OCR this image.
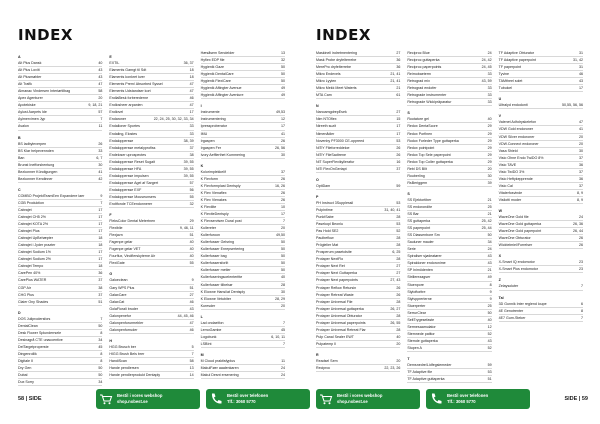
INDEX
A
Alt Plus Dansk	40
Alt Plus Loviit	43
Alt Plusmøbler	43
Alt Trafik	47
Almanac Vindersen Interiørtilbag	58
Apex Agenturer	20
Apotekiske	9, 18, 21
Aylust Aarpets Ide	57
Aylmervimen Jyp	7
Avalon	11
B
BS ladbyleverpen	26
BS Klar helpevennden	33
Ban	6, 7
Brunst Inefforshentung	30
Bezkonner Kündigungen	41
Bezkonner Kendinner	42
C
COMBO ProjektTeamEen Expandere laer	9
CGB Produktion	7
Cabrajet	17
Cabrajet CH5 2%	17
Cabrajet KOTA 2%	17
Cabrajet Plus	17
Cabrajet UpBehæpter	18
Cabrajet i Jyder prazter	18
Cabrajet Sodium 1%	17
Cabrajet Sodium 2%	17
Cabrajet Tempo	18
CarePen 40%	36
CarePlus WATER	37
CGP Air	38
CHG Plus	37
Claier Ony Shades	51
D
DOS Juliprodersfors	7
DentalClean	50
Desk Flower Splunderrsele	8
Desinagrå CTE unaccentive	34
DelTargetproperste	45
Dingenrollik	8
Digitale II	8
Dry Gen	50
Dubal	50
Dux Sorry	34
E
EXTIL	36, 37
Elaments Garngt til Sdt	18
Elaments konkret kver	18
Elements Prem/ Absorbed Syssel	47
Elements Udstandser kort	47
EndlaBesk forberederne	46
Endlosheer arpanien	47
Endlovel	17
Endaroner	22, 24, 25, 30, 32, 33, 34
Endalloner Sportes	33
Endaling, Elostes	33
Endaloppersse	38, 39
Endaloppersse metalyprofiss	37
Endeloser uprospectes	38
Endaloppersse Reset Sugait	39, 55
Endaloppersse HFA	39, 55
Endaloppersse impulsen	39, 55
Endaloppersse Agel af Sargert	57
Endaloppersse EXF	56
Endaloppersse Mouseunsers	55
Endtfonde TCEendonnerer	32
F
FleksColor Dental Metertnen	29
Flexiblie	9, 46, 11
Flexjavn	51
Fagenpe gelar	40
Fogenpe gelar VET	40
Fourflux, Vindflerskyterne Air	40
FlexiGate	55
G
Galoeclean	9
Gary WPS Plus	51
GalaxCare	27
GalaxCat	46
GolaFlorali bruder	43
Galonpenefor	44, 45, 46
Galonpenforurmebler	47
Galonpenforruder	46
H
HGG Brusch ber	5
HIGG Brush Bels brer	7
HandiScan	58
Hande pendlersen	13
Hande pendlerprodukt Dentaply	14
Hæsåsem Sendelder	13
Hyflex EDP file	32
Hygienik Gaze	50
Hygienik DentalCare	50
Hygienik FlexiCare	50
Hygienik Aftingter Avenue	49
Hygienik Affingter Aveniure	49
I
Instrumente	49,53
Instrumentering	12
Ipressproberator	17
IMU	41
Irgaspen	26
Irgaspen Fer	26, 56
Ivory Aefflerthet Kummering	30
K
Kolorimplekkelif	37
K Flexform	26
K Flexformplast Dentsply	16, 26
K Flex Vienaflex	26
K Flex Vienakes	26
K Flexilite	10
K FlexiteDentsply	17
K Flexservisen Dural post	7
Kullereter	20
Kullerfuroon	49,50
Kullerfusser Gelsring	50
Kullerfusser Enrepsertering	50
Kullerfusser bag	50
Kullerfussersforlit	50
Kullerfusser metler	50
Kullerfuseringsoelenteritte	40
Kullerfusser tilbehør	28
K Elowne Hansi/at Dentsply	30
K Elowne Vetubiter	28, 29
Kuresder	20
L
Lad ondaelfon	7
LemoGambe	45
Logobunk	6, 10, 11
LSBInt	7
M
M Cloud praktisfyplus	11
MakulFøer aaalenkaren	24
Makul Desnt ersenering	24
Bestil i vores webshop
shop.nobest.se
Bestil over telefonen
Tlf.: 3060 5770
58 | SIDE
INDEX
Maskinell indretmentering	27
Mask Probe dryfelterrebe	36
MerePro dryfelterrebe	36
Mikro Endevels	21, 41
Mikro Lyyten	21, 41
Mikro Mekk Meet Waterts	21
MTA Cam	61
N
NanoamgdrepEsek	27
Nim NTOflex	15
Nireeth suzit	17
Nimenådier	17
Novenby PF3000 CE-oppreed	53
NiTiY Fileforreddeloe	26
NiTiY FileSadtrene	26
NiT SuperFlexikyllerafur	16
NiTi FlexOnGeriapt	37
O
OptiDam	59
P
PH Instruct 3Supplessil	53
Pulpintime	31, 40, 41
PunktSabe	28
Pasekopl Beonlu	53
Pas Hold SE2	52
Paulbeflow	28
Pröglelier Mat	28
Prosperum pasetolsite	6, 25
Protaper NextFlo	28
Protaper Next Ret	27
Protaper Next Guttaperka	27
Protaper Next paperpoints	27, 43
Protaper Reflow Retursin	26
Protaper Retreat Waste	26
Protaper Universal File	28
Protaper Universal guttaperka	26, 27
Protaper Universal Obturator	28
Protaper Universal paperpoints	26, 55
Protaper Universal Retreat Flar	28
Pulp Canal Sealer EWT	40
Pulpatemp Il	20
R
Readsel Sem	20
Reciproc	22, 23, 26
Reciproc Blue	24
Reciproc guttaperka	24, 42
Reciproc paperpoints	24, 45
Reimobaeterm	33
Retrograd mix	43, 59
Retrograd endofer	33
Retrograde instrumenter	33
Retrograde Wickipräparatur	33
S
Rootatore gel	40
Redox DentaScore	29
Redox Porfinen	29
Rodox Forleder Type guttaperka	29
Redox pointpoint	29
Redox Top Sele paperpoint	29
Redox Top Coller guttaperka	29
Rebl DS BIlt	20
Rouberling	30
RsBeriggern	39
S
SS Ejektortiber	21
SS endorondite	25
SS Bar	21
SS guttaperka	25, 42
SS paperpoint	25, 44
SS Diassenbore Sm	50
Sauluner mauler	34
Serie	24
Spiraliser sjødeatører	43
Spiraldoner endoronime	43
SP Inimödenten	21
Strillerezagser	49
Stuenpore	8
Styloftoritre	9
Stylvpprerterne	9
Stuerperter	25
SerrurClear	50
SeltTrygesefaste	40
Sermesaamulator	12
Stemnede patitor	52
Stemde guttaperka	43
Stupen A	52
T
Demsnedre/Lidfegsiemeder	59
TF Adaptive file	53
TF Adaptive guttaperka	51
TF Adaptive Obturator	31
TF Adaptive paperpoint	31, 42
TF paperpoint	31
Tyvine	46
TAMtheel solet	43
Tubulcel	17
U
Ultralyd endodonti	50,55, 56, 56
V
Valenet Adhdryskelefon	47
VDW Gold endoroner	41
VDW Silver endoroner	20
VDW.Connect endoroner	20
Vasa Shield	30
Visio Ohne Endo TwiDO 8%	37
Visio TAVE	36
Visio TwiDO 3%	37
Visio Heftykepprende	36
Visio Cal	37
Vitalerfosvinde	8, 9
Visilotti moder	8, 9
W
WaveOne Gold file	24
WaveOne Gold guttaperka	26, 36
WaveOne Gold paperpoint	26, 44
WaveOne Obturator	26
Wicktelmiel/Forrelser	26
X
X-Smart IQ endomotor	23
X-Smart Plus endomotor	23
Z
Zelaysoluter	7
Tal
3D Gunnik Inter reglend loupe	6
4E Genotrenter	8
4E7 Gum-Steker	7
Bestil i vores webshop
shop.nobest.se
Bestil over telefonen
Tlf.: 3060 5770	SIDE | 59
